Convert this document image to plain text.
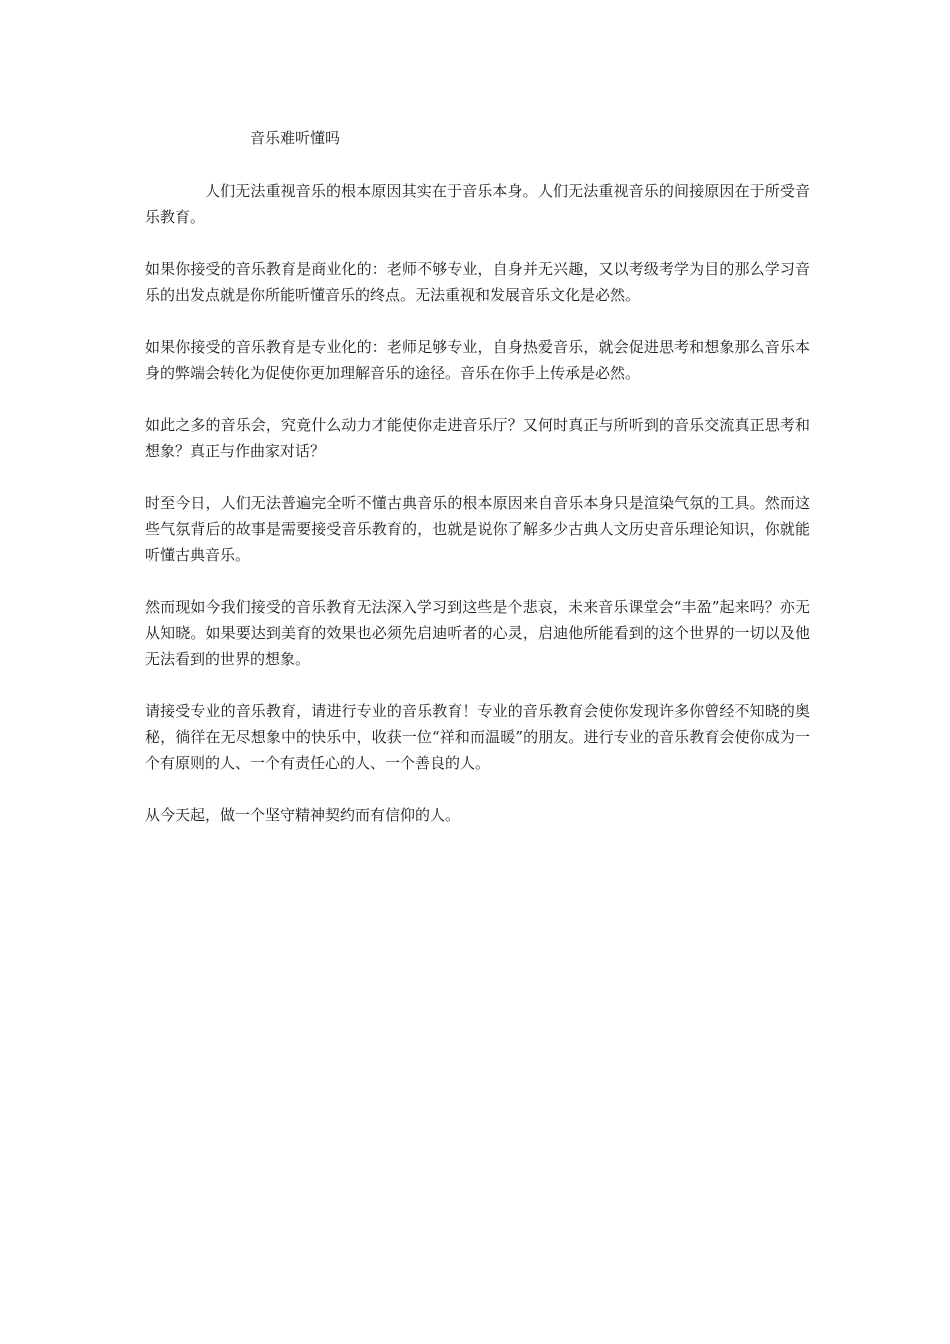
音乐难听懂吗

人们无法重视音乐的根本原因其实在于音乐本身。人们无法重视音乐的间接原因在于所受音乐教育。

如果你接受的音乐教育是商业化的：老师不够专业，自身并无兴趣，又以考级考学为目的那么学习音乐的出发点就是你所能听懂音乐的终点。无法重视和发展音乐文化是必然。

如果你接受的音乐教育是专业化的：老师足够专业，自身热爱音乐，就会促进思考和想象那么音乐本身的弊端会转化为促使你更加理解音乐的途径。音乐在你手上传承是必然。

如此之多的音乐会，究竟什么动力才能使你走进音乐厅？又何时真正与所听到的音乐交流真正思考和想象？真正与作曲家对话？

时至今日，人们无法普遍完全听不懂古典音乐的根本原因来自音乐本身只是渲染气氛的工具。然而这些气氛背后的故事是需要接受音乐教育的，也就是说你了解多少古典人文历史音乐理论知识，你就能听懂古典音乐。

然而现如今我们接受的音乐教育无法深入学习到这些是个悲哀，未来音乐课堂会“丰盈”起来吗？亦无从知晓。如果要达到美育的效果也必须先启迪听者的心灵，启迪他所能看到的这个世界的一切以及他无法看到的世界的想象。

请接受专业的音乐教育，请进行专业的音乐教育！专业的音乐教育会使你发现许多你曾经不知晓的奥秘，徜徉在无尽想象中的快乐中，收获一位“祥和而温暖”的朋友。进行专业的音乐教育会使你成为一个有原则的人、一个有责任心的人、一个善良的人。

从今天起，做一个坚守精神契约而有信仰的人。
